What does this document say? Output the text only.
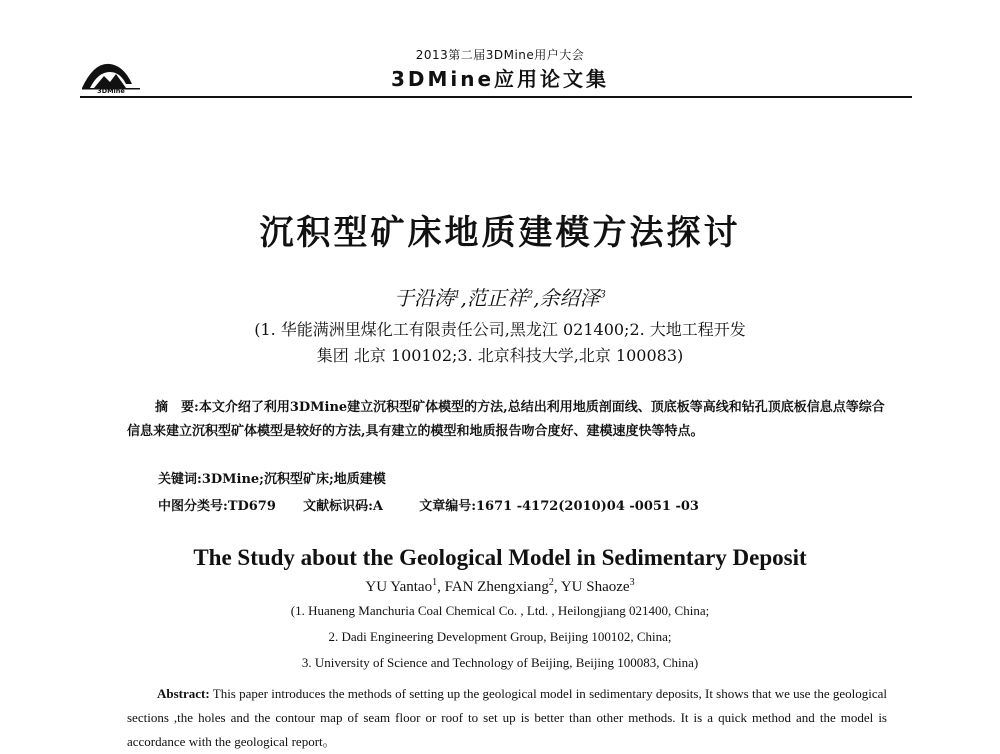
3DMine
2013第二届3DMine用户大会
3DMine应用论文集
沉积型矿床地质建模方法探讨
于沿涛$^1$,范正祥$^2$,余绍泽$^3$
(1. 华能满洲里煤化工有限责任公司,黑龙江 021400;2. 大地工程开发
集团 北京 100102;3. 北京科技大学,北京 100083)
摘　要:本文介绍了利用3DMine建立沉积型矿体模型的方法,总结出利用地质剖面线、顶底板等高线和钻孔顶底板信息点等综合信息来建立沉积型矿体模型是较好的方法,具有建立的模型和地质报告吻合度好、建模速度快等特点。
关键词:3DMine;沉积型矿床;地质建模
中图分类号:TD679 文献标识码:A	文章编号:1671 -4172(2010)04 -0051 -03
The Study about the Geological Model in Sedimentary Deposit
YU Yantao$^1$, FAN Zhengxiang$^2$, YU Shaoze$^3$
(1. Huaneng Manchuria Coal Chemical Co. , Ltd. , Heilongjiang 021400, China;
2. Dadi Engineering Development Group, Beijing 100102, China;
3. University of Science and Technology of Beijing, Beijing 100083, China)
Abstract: This paper introduces the methods of setting up the geological model in sedimentary deposits, It shows that we use the geological sections ,the holes and the contour map of seam floor or roof to set up is better than other methods. It is a quick method and the model is accordance with the geological report。
